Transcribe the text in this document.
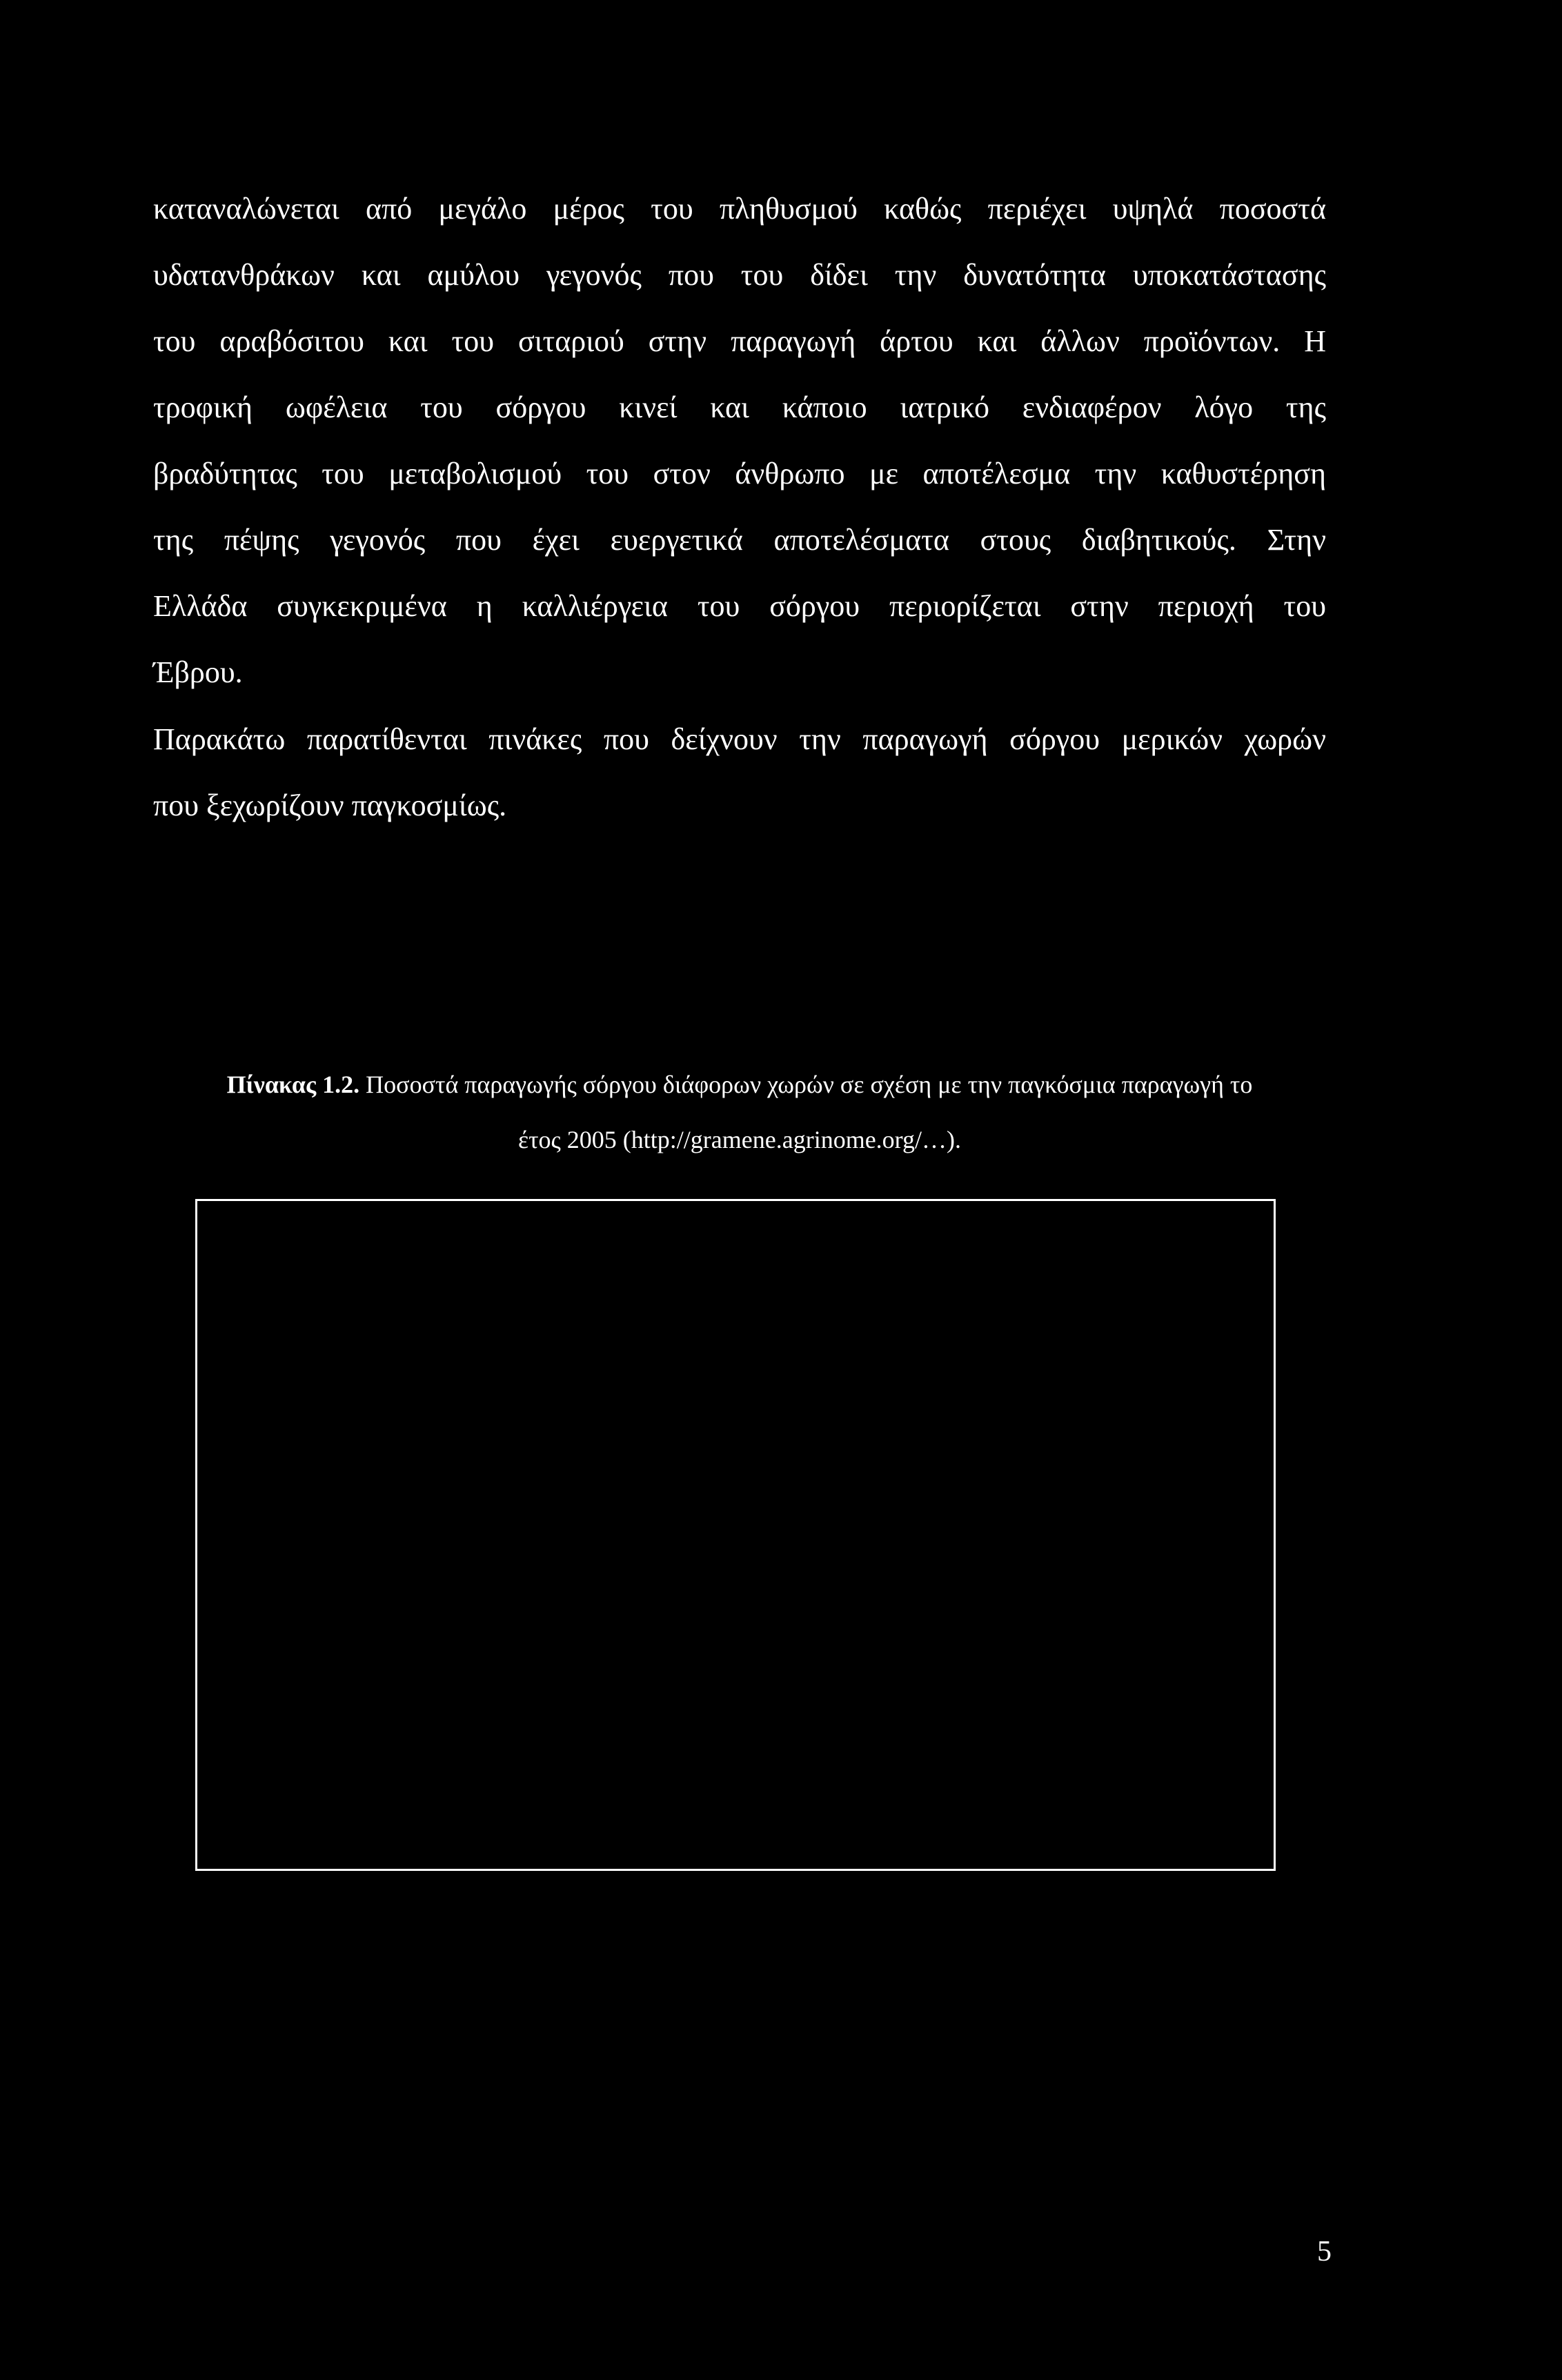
καταναλώνεται από μεγάλο μέρος του πληθυσμού καθώς περιέχει υψηλά ποσοστά
υδατανθράκων και αμύλου γεγονός που του δίδει την δυνατότητα υποκατάστασης
του αραβόσιτου και του σιταριού στην παραγωγή άρτου και άλλων προϊόντων. Η
τροφική ωφέλεια του σόργου κινεί και κάποιο ιατρικό ενδιαφέρον λόγο της
βραδύτητας του μεταβολισμού του στον άνθρωπο με αποτέλεσμα την καθυστέρηση
της πέψης γεγονός που έχει ευεργετικά αποτελέσματα στους διαβητικούς. Στην
Ελλάδα συγκεκριμένα η καλλιέργεια του σόργου περιορίζεται στην περιοχή του
Έβρου.
Παρακάτω παρατίθενται πινάκες που δείχνουν την παραγωγή σόργου μερικών χωρών
που ξεχωρίζουν παγκοσμίως.
Πίνακας 1.2. Ποσοστά παραγωγής σόργου διάφορων χωρών σε σχέση με την παγκόσμια παραγωγή το
έτος 2005 (http://gramene.agrinome.org/…).
5
